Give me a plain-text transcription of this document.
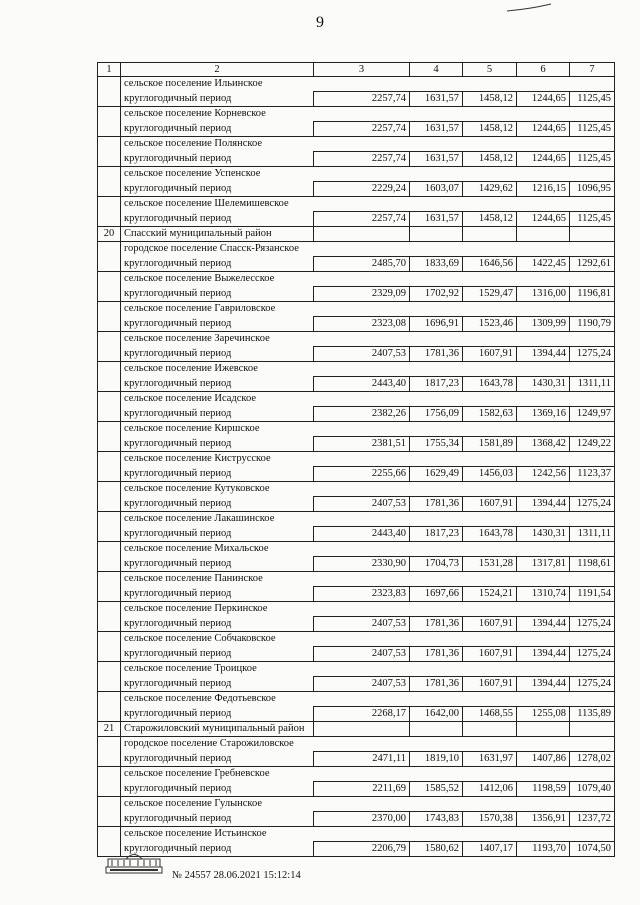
9
1	2	3	4	5	6	7
	сельское поселение Ильинское					
	круглогодичный период	2257,74	1631,57	1458,12	1244,65	1125,45
	сельское поселение Корневское					
	круглогодичный период	2257,74	1631,57	1458,12	1244,65	1125,45
	сельское поселение Полянское					
	круглогодичный период	2257,74	1631,57	1458,12	1244,65	1125,45
	сельское поселение Успенское					
	круглогодичный период	2229,24	1603,07	1429,62	1216,15	1096,95
	сельское поселение Шелемишевское					
	круглогодичный период	2257,74	1631,57	1458,12	1244,65	1125,45
20	Спасский муниципальный район					
	городское поселение Спасск-Рязанское					
	круглогодичный период	2485,70	1833,69	1646,56	1422,45	1292,61
	сельское поселение Выжелесское					
	круглогодичный период	2329,09	1702,92	1529,47	1316,00	1196,81
	сельское поселение Гавриловское					
	круглогодичный период	2323,08	1696,91	1523,46	1309,99	1190,79
	сельское поселение Заречинское					
	круглогодичный период	2407,53	1781,36	1607,91	1394,44	1275,24
	сельское поселение Ижевское					
	круглогодичный период	2443,40	1817,23	1643,78	1430,31	1311,11
	сельское поселение Исадское					
	круглогодичный период	2382,26	1756,09	1582,63	1369,16	1249,97
	сельское поселение Киршское					
	круглогодичный период	2381,51	1755,34	1581,89	1368,42	1249,22
	сельское поселение Киструсское					
	круглогодичный период	2255,66	1629,49	1456,03	1242,56	1123,37
	сельское поселение Кутуковское					
	круглогодичный период	2407,53	1781,36	1607,91	1394,44	1275,24
	сельское поселение Лакашинское					
	круглогодичный период	2443,40	1817,23	1643,78	1430,31	1311,11
	сельское поселение Михальское					
	круглогодичный период	2330,90	1704,73	1531,28	1317,81	1198,61
	сельское поселение Панинское					
	круглогодичный период	2323,83	1697,66	1524,21	1310,74	1191,54
	сельское поселение Перкинское					
	круглогодичный период	2407,53	1781,36	1607,91	1394,44	1275,24
	сельское поселение Собчаковское					
	круглогодичный период	2407,53	1781,36	1607,91	1394,44	1275,24
	сельское поселение Троицкое					
	круглогодичный период	2407,53	1781,36	1607,91	1394,44	1275,24
	сельское поселение Федотьевское					
	круглогодичный период	2268,17	1642,00	1468,55	1255,08	1135,89
21	Старожиловский муниципальный район					
	городское поселение Старожиловское					
	круглогодичный период	2471,11	1819,10	1631,97	1407,86	1278,02
	сельское поселение Гребневское					
	круглогодичный период	2211,69	1585,52	1412,06	1198,59	1079,40
	сельское поселение Гулынское					
	круглогодичный период	2370,00	1743,83	1570,38	1356,91	1237,72
	сельское поселение Истьинское					
	круглогодичный период	2206,79	1580,62	1407,17	1193,70	1074,50
№ 24557 28.06.2021 15:12:14
